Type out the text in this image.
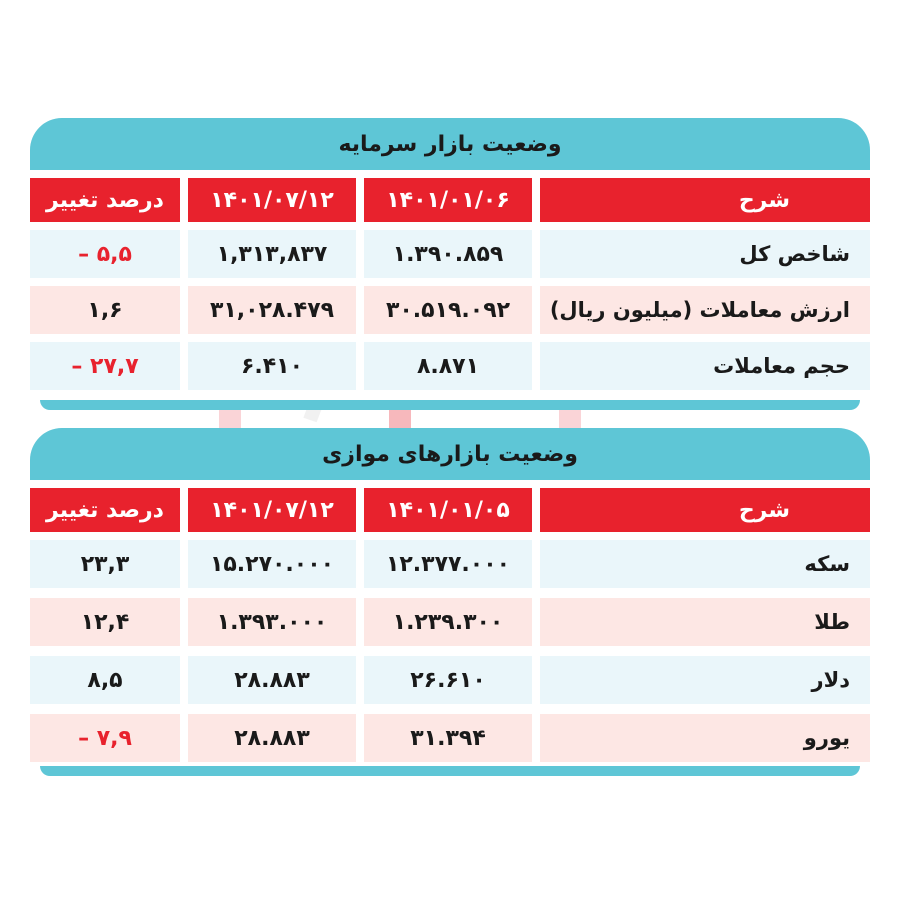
وضعیت بازار سرمایه
شرح
۱۴۰۱/۰۱/۰۶
۱۴۰۱/۰۷/۱۲
درصد تغییر
شاخص کل
۱.۳۹۰.۸۵۹
۱,۳۱۳,۸۳۷
۵,۵ –
ارزش معاملات (میلیون ریال)
۳۰.۵۱۹.۰۹۲
۳۱,۰۲۸.۴۷۹
۱,۶
حجم معاملات
۸.۸۷۱
۶.۴۱۰
۲۷,۷ –
وضعیت بازارهای موازی
شرح
۱۴۰۱/۰۱/۰۵
۱۴۰۱/۰۷/۱۲
درصد تغییر
سکه
۱۲.۳۷۷.۰۰۰
۱۵.۲۷۰.۰۰۰
۲۳,۳
طلا
۱.۲۳۹.۳۰۰
۱.۳۹۳.۰۰۰
۱۲,۴
دلار
۲۶.۶۱۰
۲۸.۸۸۳
۸,۵
یورو
۳۱.۳۹۴
۲۸.۸۸۳
۷,۹ –
